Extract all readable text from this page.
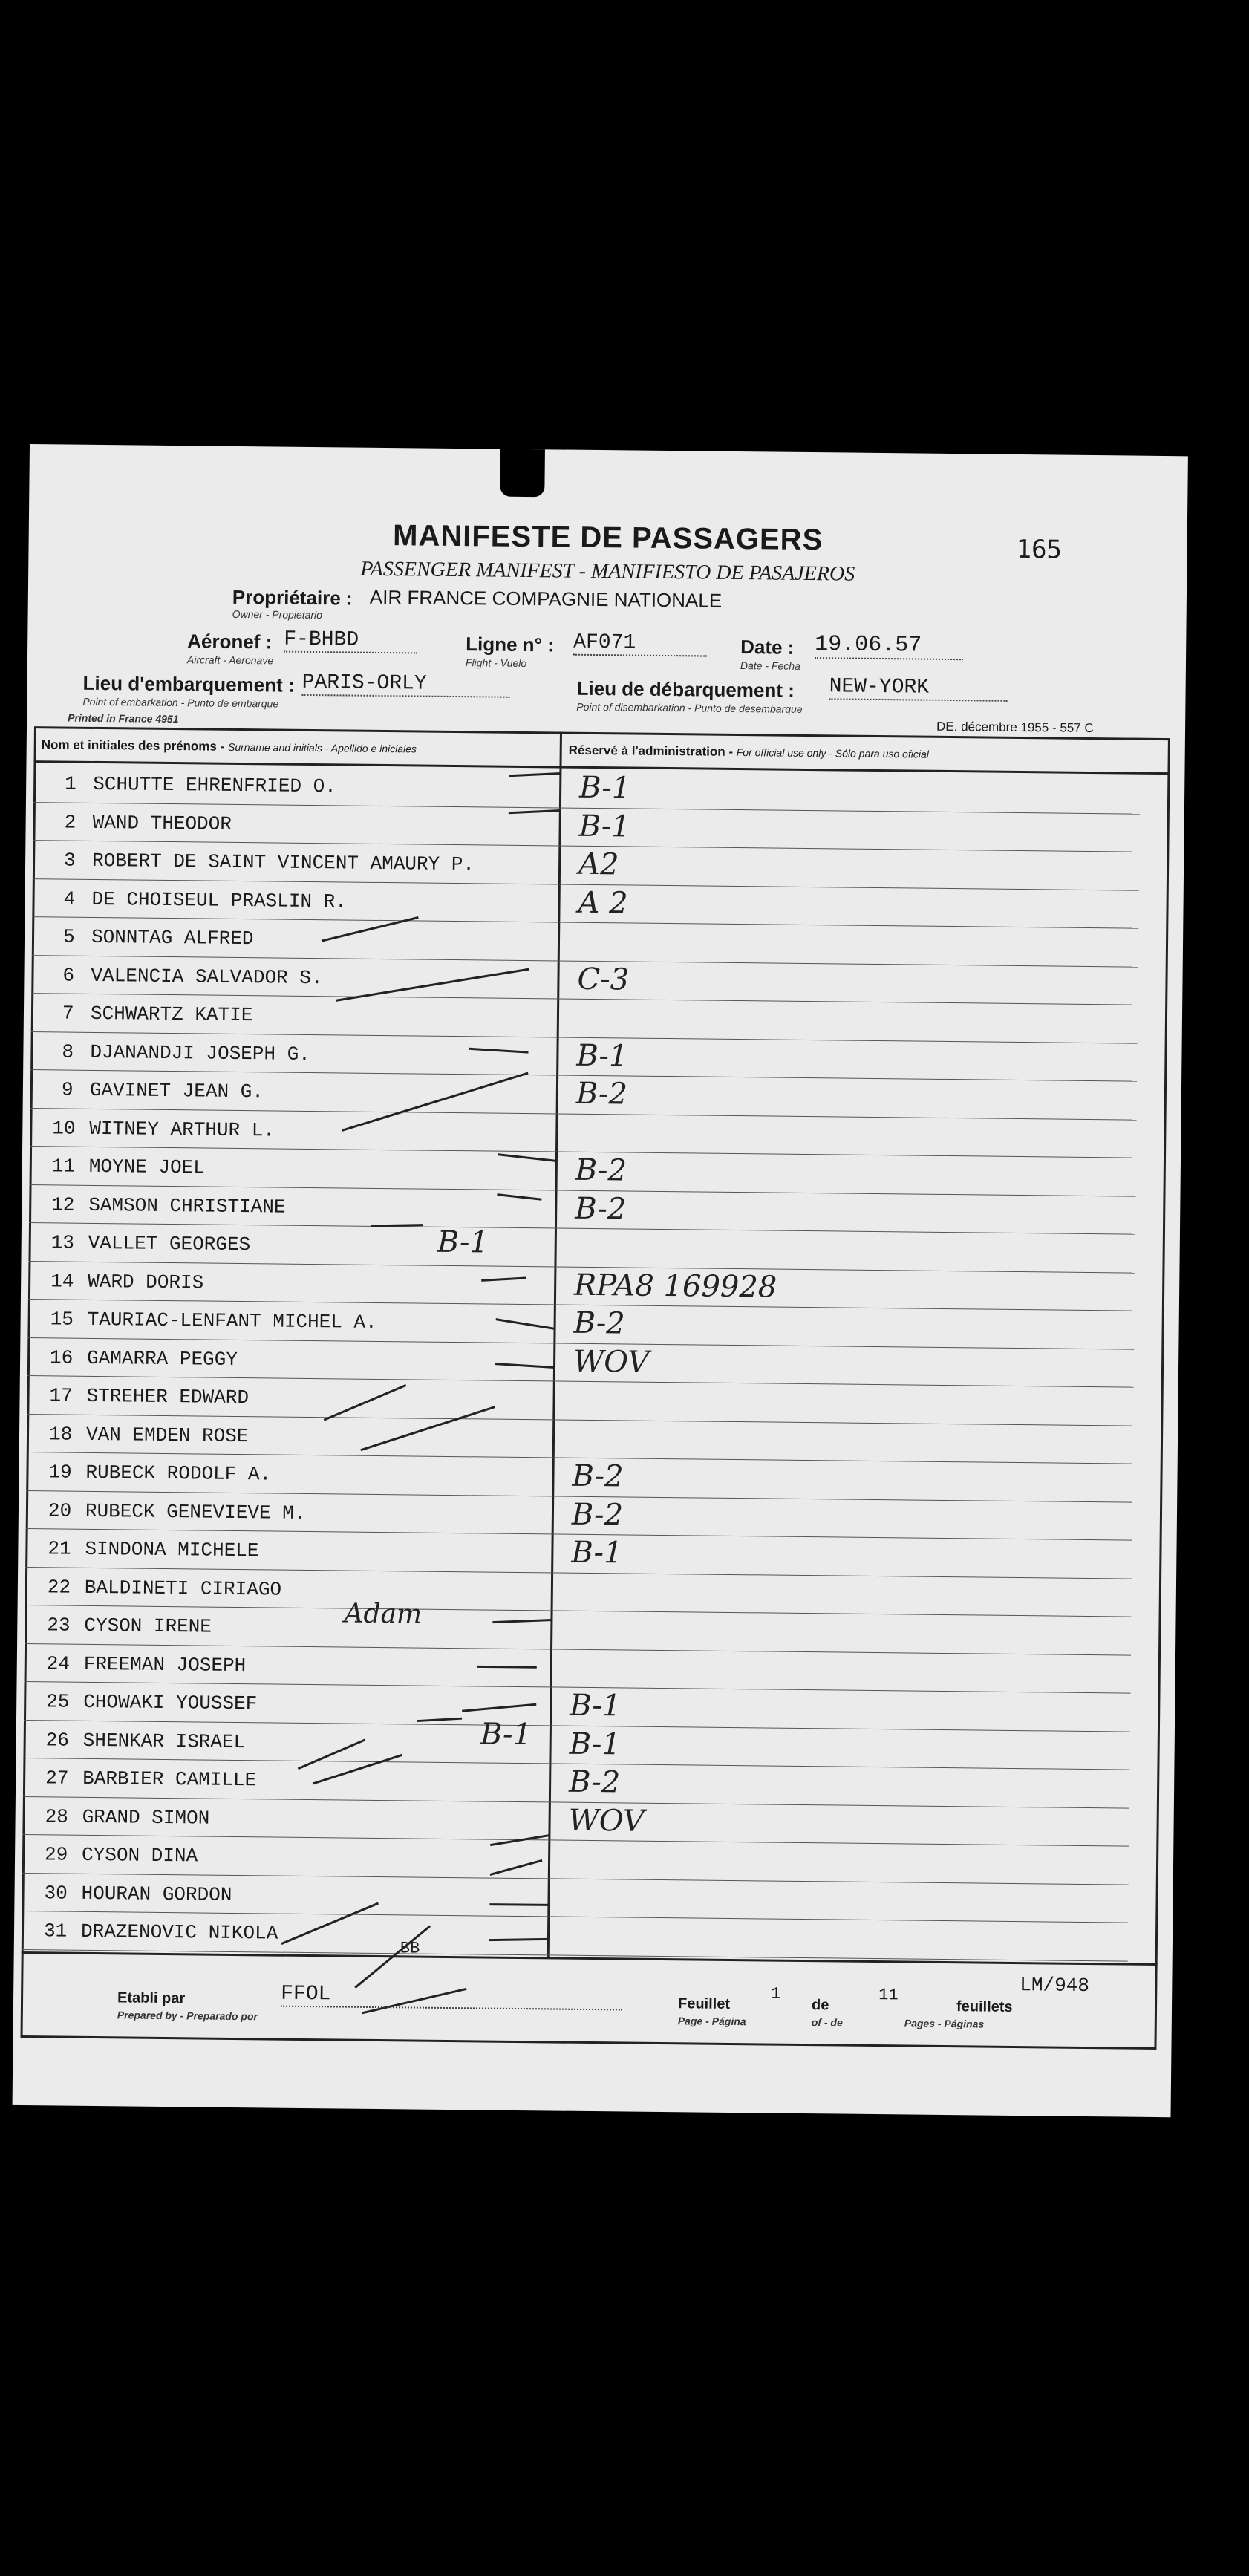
MANIFESTE DE PASSAGERS
PASSENGER MANIFEST - MANIFIESTO DE PASAJEROS
165
Propriétaire : AIR FRANCE COMPAGNIE NATIONALE
Owner - Propietario
Aéronef : F-BHBD
Aircraft - Aeronave
Ligne n° : AF071
Flight - Vuelo
Date : 19.06.57
Date - Fecha
Lieu d'embarquement : PARIS-ORLY
Point of embarkation - Punto de embarque
Lieu de débarquement : NEW-YORK
Point of disembarkation - Punto de desembarque
Printed in France 4951
DE. décembre 1955 - 557 C
Nom et initiales des prénoms - Surname and initials - Apellido e iniciales	Réservé à l'administration - For official use only - Sólo para uso oficial
1 SCHUTTE EHRENFRIED O.	B-1
2 WAND THEODOR	B-1
3 ROBERT DE SAINT VINCENT AMAURY P.	A2
4 DE CHOISEUL PRASLIN R.	A 2
5 SONNTAG ALFRED
6 VALENCIA SALVADOR S.	C-3
7 SCHWARTZ KATIE
8 DJANANDJI JOSEPH G.	B-1
9 GAVINET JEAN G.	B-2
10 WITNEY ARTHUR L.
11 MOYNE JOEL	B-2
12 SAMSON CHRISTIANE	B-2
13 VALLET GEORGES
14 WARD DORIS	RPA8 169928
15 TAURIAC-LENFANT MICHEL A.	B-2
16 GAMARRA PEGGY	WOV
17 STREHER EDWARD
18 VAN EMDEN ROSE
19 RUBECK RODOLF A.	B-2
20 RUBECK GENEVIEVE M.	B-2
21 SINDONA MICHELE	B-1
22 BALDINETI CIRIAGO
23 CYSON IRENE
24 FREEMAN JOSEPH
25 CHOWAKI YOUSSEF	B-1
26 SHENKAR ISRAEL	B-1
27 BARBIER CAMILLE	B-2
28 GRAND SIMON	WOV
29 CYSON DINA
30 HOURAN GORDON
31 DRAZENOVIC NIKOLA
B-1
B-1
Adam
BB
Etabli par	FFOL
Prepared by - Preparado por
Feuillet
1
de
11
feuillets
Page - Página	of - de	Pages - Páginas
LM/948
